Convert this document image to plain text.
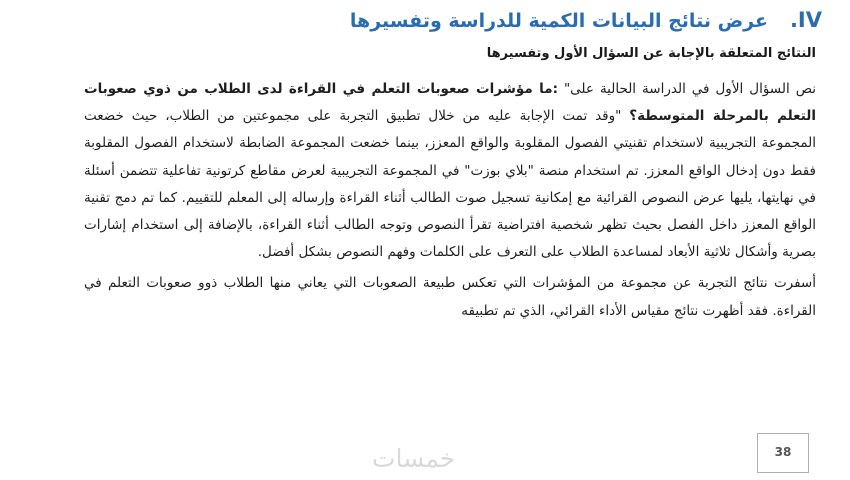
IV.عرض نتائج البيانات الكمية للدراسة وتفسيرها
النتائج المتعلقة بالإجابة عن السؤال الأول وتفسيرها

نص السؤال الأول في الدراسة الحالية على" :ما مؤشرات صعوبات التعلم في القراءة لدى الطلاب من ذوي صعوبات التعلم بالمرحلة المتوسطة؟ "وقد تمت الإجابة عليه من خلال تطبيق التجربة على مجموعتين من الطلاب، حيث خضعت المجموعة التجريبية لاستخدام تقنيتي الفصول المقلوبة والواقع المعزز، بينما خضعت المجموعة الضابطة لاستخدام الفصول المقلوبة فقط دون إدخال الواقع المعزز. تم استخدام منصة "بلاي بوزت" في المجموعة التجريبية لعرض مقاطع كرتونية تفاعلية تتضمن أسئلة في نهايتها، يليها عرض النصوص القرائية مع إمكانية تسجيل صوت الطالب أثناء القراءة وإرساله إلى المعلم للتقييم. كما تم دمج تقنية الواقع المعزز داخل الفصل بحيث تظهر شخصية افتراضية تقرأ النصوص وتوجه الطالب أثناء القراءة، بالإضافة إلى استخدام إشارات بصرية وأشكال ثلاثية الأبعاد لمساعدة الطلاب على التعرف على الكلمات وفهم النصوص بشكل أفضل.

أسفرت نتائج التجربة عن مجموعة من المؤشرات التي تعكس طبيعة الصعوبات التي يعاني منها الطلاب ذوو صعوبات التعلم في القراءة. فقد أظهرت نتائج مقياس الأداء القرائي، الذي تم تطبيقه

38
خمسات
